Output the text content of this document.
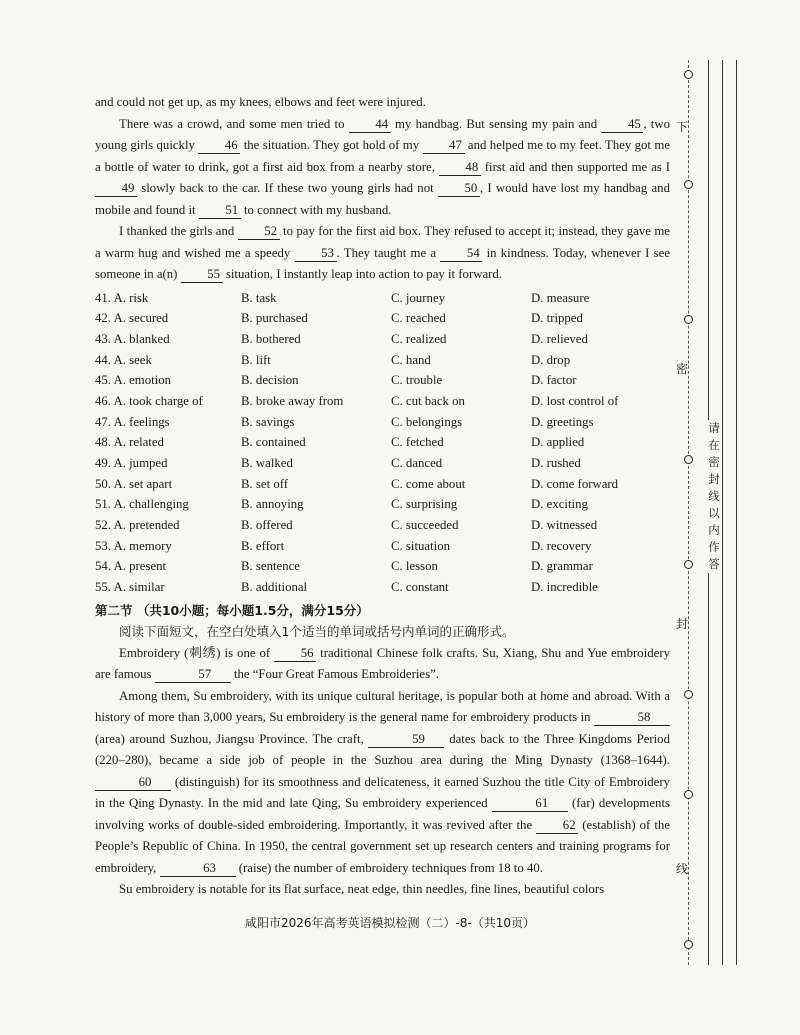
and could not get up, as my knees, elbows and feet were injured.

There was a crowd, and some men tried to 44 my handbag. But sensing my pain and 45 , two young girls quickly 46 the situation. They got hold of my 47 and helped me to my feet. They got me a bottle of water to drink, got a first aid box from a nearby store, 48 first aid and then supported me as I 49 slowly back to the car. If these two young girls had not 50 , I would have lost my handbag and mobile and found it 51 to connect with my husband.

I thanked the girls and 52 to pay for the first aid box. They refused to accept it; instead, they gave me a warm hug and wished me a speedy 53 . They taught me a 54 in kindness. Today, whenever I see someone in a(n) 55 situation, I instantly leap into action to pay it forward.

41. A. risk	B. task	C. journey	D. measure
42. A. secured	B. purchased	C. reached	D. tripped
43. A. blanked	B. bothered	C. realized	D. relieved
44. A. seek	B. lift	C. hand	D. drop
45. A. emotion	B. decision	C. trouble	D. factor
46. A. took charge of	B. broke away from	C. cut back on	D. lost control of
47. A. feelings	B. savings	C. belongings	D. greetings
48. A. related	B. contained	C. fetched	D. applied
49. A. jumped	B. walked	C. danced	D. rushed
50. A. set apart	B. set off	C. come about	D. come forward
51. A. challenging	B. annoying	C. surprising	D. exciting
52. A. pretended	B. offered	C. succeeded	D. witnessed
53. A. memory	B. effort	C. situation	D. recovery
54. A. present	B. sentence	C. lesson	D. grammar
55. A. similar	B. additional	C. constant	D. incredible
第二节 （共10小题；每小题1.5分，满分15分）

阅读下面短文，在空白处填入1个适当的单词或括号内单词的正确形式。

Embroidery (刺绣) is one of 56 traditional Chinese folk crafts. Su, Xiang, Shu and Yue embroidery are famous	57 the “Four Great Famous Embroideries”.

Among them, Su embroidery, with its unique cultural heritage, is popular both at home and abroad. With a history of more than 3,000 years, Su embroidery is the general name for embroidery products in	58 (area) around Suzhou, Jiangsu Province. The craft,	59 dates back to the Three Kingdoms Period (220–280), became a side job of people in the Suzhou area during the Ming Dynasty (1368–1644). 60 (distinguish) for its smoothness and delicateness, it earned Suzhou the title City of Embroidery in the Qing Dynasty. In the mid and late Qing, Su embroidery experienced	61 (far) developments involving works of double-sided embroidering. Importantly, it was revived after the 62 (establish) of the People’s Republic of China. In 1950, the central government set up research centers and training programs for embroidery,	63 (raise) the number of embroidery techniques from 18 to 40.

Su embroidery is notable for its flat surface, neat edge, thin needles, fine lines, beautiful colors

咸阳市2026年高考英语模拟检测（二）-8-（共10页）
下
密
封
线
请
在
密
封
线
以
内
作
答
